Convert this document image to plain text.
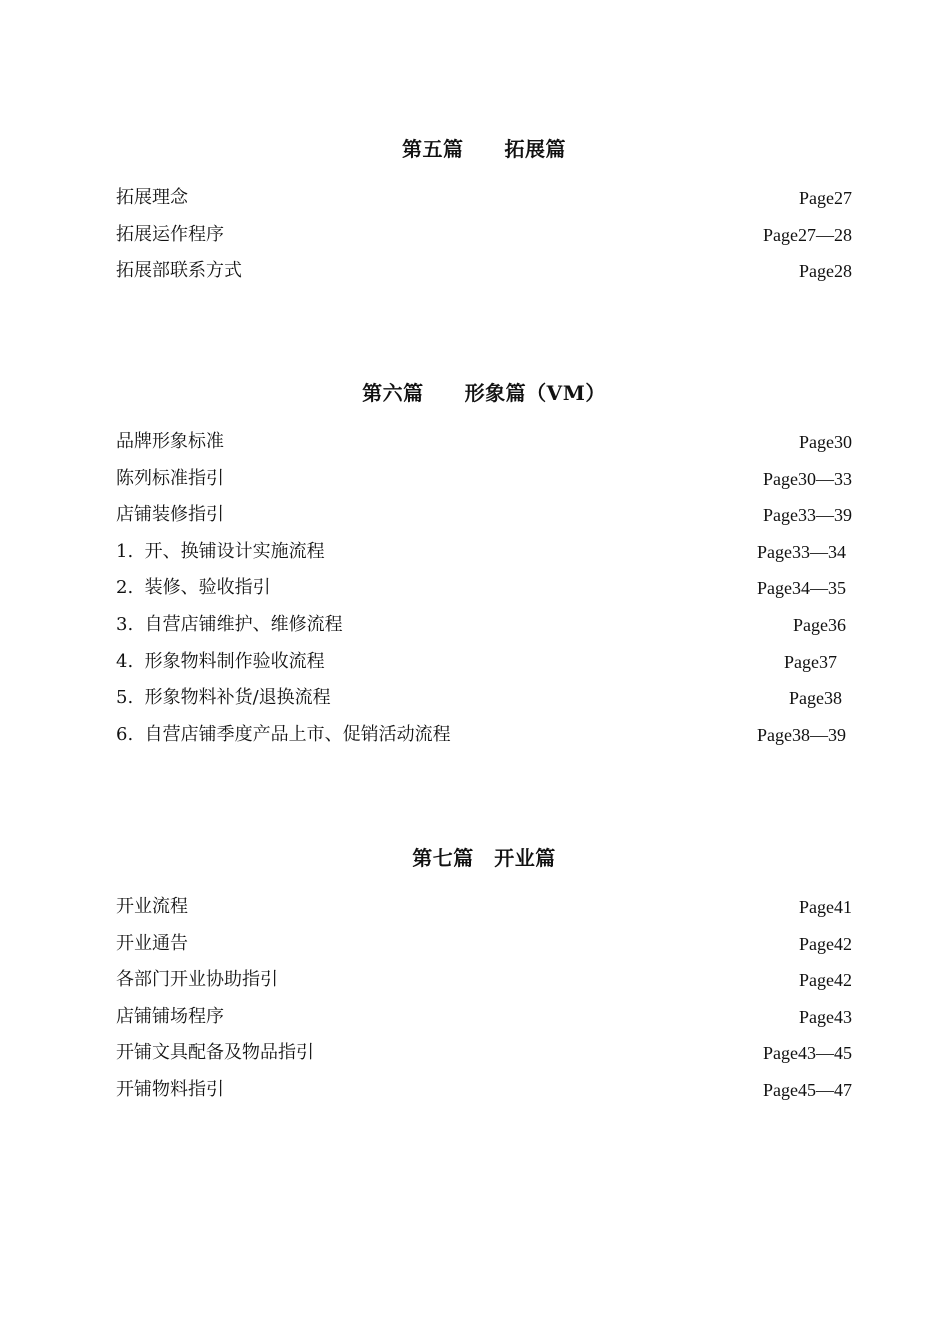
第五篇　　拓展篇
拓展理念	Page27
拓展运作程序	Page27—28
拓展部联系方式	Page28
第六篇　　形象篇（VM）
品牌形象标准	Page30
陈列标准指引	Page30—33
店铺装修指引	Page33—39
1.  开、换铺设计实施流程	Page33—34
2.  装修、验收指引	Page34—35
3.  自营店铺维护、维修流程	Page36
4.  形象物料制作验收流程	Page37
5.  形象物料补货/退换流程	Page38
6.  自营店铺季度产品上市、促销活动流程	Page38—39
第七篇　开业篇
开业流程	Page41
开业通告	Page42
各部门开业协助指引	Page42
店铺铺场程序	Page43
开铺文具配备及物品指引	Page43—45
开铺物料指引	Page45—47
